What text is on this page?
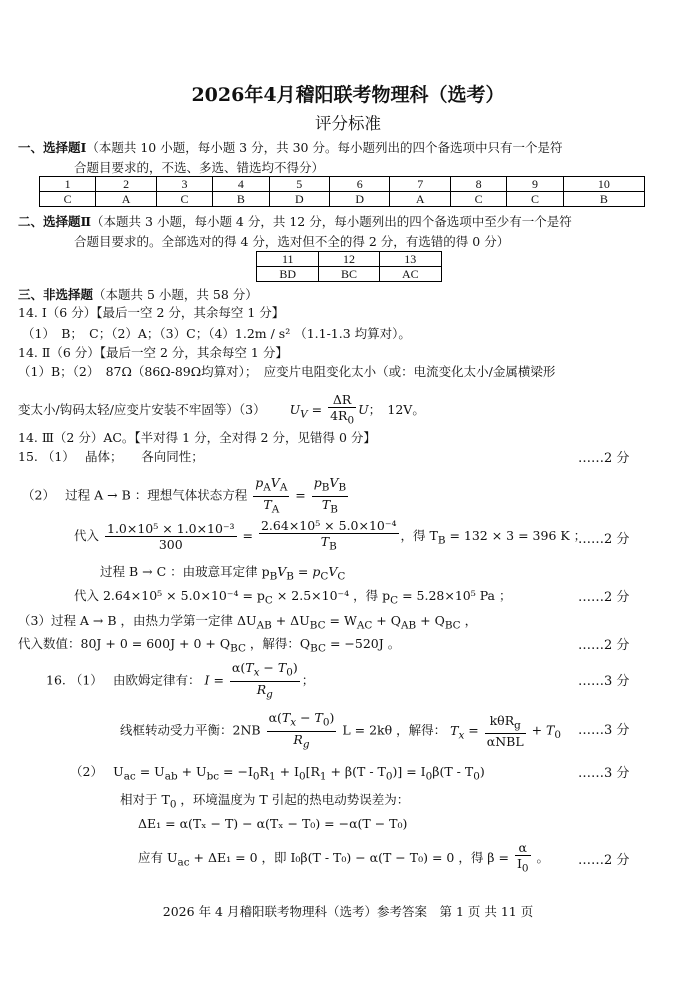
2026年4月稽阳联考物理科（选考）
评分标准
一、选择题Ⅰ（本题共 10 小题，每小题 3 分，共 30 分。每小题列出的四个备选项中只有一个是符
合题目要求的，不选、多选、错选均不得分）
1	2	3	4	5	6	7	8	9	10
C	A	C	B	D	D	A	C	C	B
二、选择题Ⅱ（本题共 3 小题，每小题 4 分，共 12 分，每小题列出的四个备选项中至少有一个是符
合题目要求的。全部选对的得 4 分，选对但不全的得 2 分，有选错的得 0 分）
11	12	13
BD	BC	AC
三、非选择题（本题共 5 小题，共 58 分）
14. Ⅰ（6 分）【最后一空 2 分，其余每空 1 分】
（1）　B；　C；（2）A；（3）C；（4）1.2m / s² （1.1-1.3 均算对）。
14. Ⅱ（6 分）【最后一空 2 分，其余每空 1 分】
（1）B；（2）　87Ω（86Ω-89Ω均算对）；　应变片电阻变化太小（或：电流变化太小/金属横梁形
变太小/钩码太轻/应变片安装不牢固等）（3） $U_V = \frac{\Delta R}{4R_0}$ U；　12V。
14. Ⅲ（2 分）AC。【半对得 1 分，全对得 2 分，见错得 0 分】
15. （1）　 晶体；　　各向同性；	……2 分
（2）　 过程 A → B ：理想气体状态方程 $\frac{p_AV_A}{T_A} = \frac{p_BV_B}{T_B}$
代入 $\frac{\text{1.0×10⁵ × 1.0×10⁻³}}{300} = \frac{\text{2.64×10⁵ × 5.0×10⁻⁴}}{T_B}$ ，得 $T_B = 132 \times 3 = 396$ K ；
……2 分
过程 B → C ：由玻意耳定律 $p_BV_B = p_CV_C$
代入 $2.64\times 10^5 \times 5.0\times 10^{-4} = p_C \times 2.5\times 10^{-4}$ ，得 $p_C = 5.28\times 10^5$ Pa ；	……2 分
（3）过程 A → B ，由热力学第一定律 $\Delta U_{AB} + \Delta U_{BC} = W_{AC} + Q_{AB} + Q_{BC}$ ，
代入数值：$80J + 0 = 600J + 0 + Q_{BC}$ ，解得：$Q_{BC} = -520J$ 。	……2 分
16. （1）　 由欧姆定律有： $I = \frac{\alpha(T_x - T_0)}{R_g}$ ；	……3 分
线框转动受力平衡：$2NB \frac{\alpha(T_x - T_0)}{R_g}$ L = 2kθ ，解得： $T_x = \frac{k\theta R_g}{\text{αNBL}} + T_0$ ……3 分
（2）　 $U_{ac} = U_{ab} + U_{bc} = -I_0R_1 + I_0[R_1 + \beta(T - T_0)] = I_0\beta(T - T_0)$	……3 分
相对于 $T_0$ ，环境温度为 T 引起的热电动势误差为：
ΔE₁ = α(Tₓ − T) − α(Tₓ − T₀) = −α(T − T₀)
应有 $U_{ac} + \Delta E_1 = 0$ ，即 I₀β(T - T₀) − α(T − T₀) = 0 ，得 $\beta = \frac{\alpha}{I_0}$ 。 ……2 分
2026 年 4 月稽阳联考物理科（选考）参考答案　第 1 页 共 11 页
